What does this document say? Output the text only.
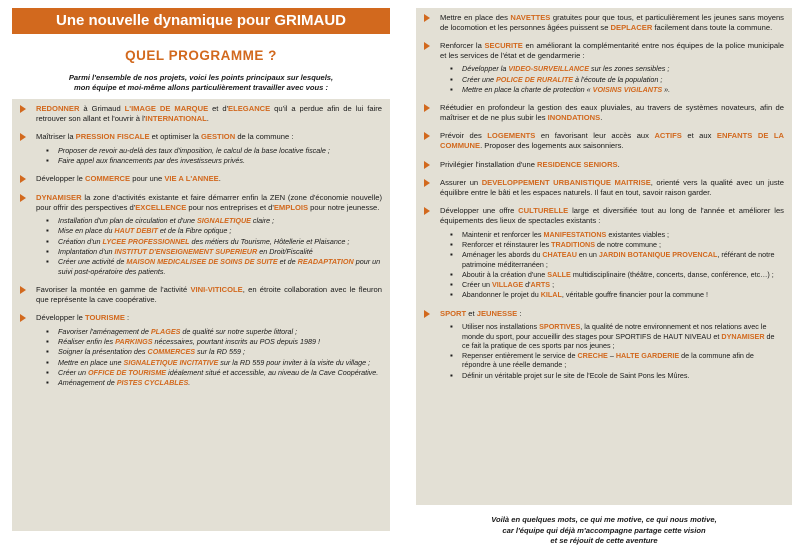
Une nouvelle dynamique pour GRIMAUD
QUEL PROGRAMME ?
Parmi l'ensemble de nos projets, voici les points principaux sur lesquels,
mon équipe et moi-même allons particulièrement travailler avec vous :
REDONNER à Grimaud L'IMAGE DE MARQUE et d'ELEGANCE qu'il a perdue afin de lui faire retrouver son allant et l'ouvrir à l'INTERNATIONAL.
Maîtriser la PRESSION FISCALE et optimiser la GESTION de la commune :
▪ Proposer de revoir au-delà des taux d'imposition, le calcul de la base locative fiscale ;
▪ Faire appel aux financements par des investisseurs privés.
Développer le COMMERCE pour une VIE A L'ANNEE.
DYNAMISER la zone d'activités existante et faire démarrer enfin la ZEN (zone d'économie nouvelle) pour offrir des perspectives d'EXCELLENCE pour nos entreprises et d'EMPLOIS pour notre jeunesse.
▪ Installation d'un plan de circulation et d'une SIGNALETIQUE claire ;
▪ Mise en place du HAUT DEBIT et de la Fibre optique ;
▪ Création d'un LYCEE PROFESSIONNEL des métiers du Tourisme, Hôtellerie et Plaisance ;
▪ Implantation d'un INSTITUT D'ENSEIGNEMENT SUPERIEUR en Droit/Fiscalité
▪ Créer une activité de MAISON MEDICALISEE DE SOINS DE SUITE et de READAPTATION pour un suivi post-opératoire des patients.
Favoriser la montée en gamme de l'activité VINI-VITICOLE, en étroite collaboration avec le fleuron que représente la cave coopérative.
Développer le TOURISME :
▪ Favoriser l'aménagement de PLAGES de qualité sur notre superbe littoral ;
▪ Réaliser enfin les PARKINGS nécessaires, pourtant inscrits au POS depuis 1989 !
▪ Soigner la présentation des COMMERCES sur la RD 559 ;
▪ Mettre en place une SIGNALETIQUE INCITATIVE sur la RD 559 pour inviter à la visite du village ;
▪ Créer un OFFICE DE TOURISME idéalement situé et accessible, au niveau de la Cave Coopérative.
▪ Aménagement de PISTES CYCLABLES.
Mettre en place des NAVETTES gratuites pour que tous, et particulièrement les jeunes sans moyens de locomotion et les personnes âgées puissent se DEPLACER facilement dans toute la commune.
Renforcer la SECURITE en améliorant la complémentarité entre nos équipes de la police municipale et les services de l'état et de gendarmerie :
▪ Développer la VIDEO-SURVEILLANCE sur les zones sensibles ;
▪ Créer une POLICE DE RURALITE à l'écoute de la population ;
▪ Mettre en place la charte de protection « VOISINS VIGILANTS ».
Réétudier en profondeur la gestion des eaux pluviales, au travers de systèmes novateurs, afin de maîtriser et de ne plus subir les INONDATIONS.
Prévoir des LOGEMENTS en favorisant leur accès aux ACTIFS et aux ENFANTS DE LA COMMUNE. Proposer des logements aux saisonniers.
Privilégier l'installation d'une RESIDENCE SENIORS.
Assurer un DEVELOPPEMENT URBANISTIQUE MAITRISE, orienté vers la qualité avec un juste équilibre entre le bâti et les espaces naturels. Il faut en tout, savoir raison garder.
Développer une offre CULTURELLE large et diversifiée tout au long de l'année et améliorer les équipements des lieux de spectacles existants :
▪ Maintenir et renforcer les MANIFESTATIONS existantes viables ;
▪ Renforcer et réinstaurer les TRADITIONS de notre commune ;
▪ Aménager les abords du CHATEAU en un JARDIN BOTANIQUE PROVENCAL, référant de notre patrimoine méditerranéen ;
▪ Aboutir à la création d'une SALLE multidisciplinaire (théâtre, concerts, danse, conférence, etc…) ;
▪ Créer un VILLAGE d'ARTS ;
▪ Abandonner le projet du KILAL, véritable gouffre financier pour la commune !
SPORT et JEUNESSE :
▪ Utiliser nos installations SPORTIVES, la qualité de notre environnement et nos relations avec le monde du sport, pour accueillir des stages pour SPORTIFS de HAUT NIVEAU et DYNAMISER de ce fait la pratique de ces sports par nos jeunes ;
▪ Repenser entièrement le service de CRECHE – HALTE GARDERIE de la commune afin de répondre à une réelle demande ;
▪ Définir un véritable projet sur le site de l'Ecole de Saint Pons les Mûres.
Voilà en quelques mots, ce qui me motive, ce qui nous motive,
car l'équipe qui déjà m'accompagne partage cette vision
et se réjouit de cette aventure
